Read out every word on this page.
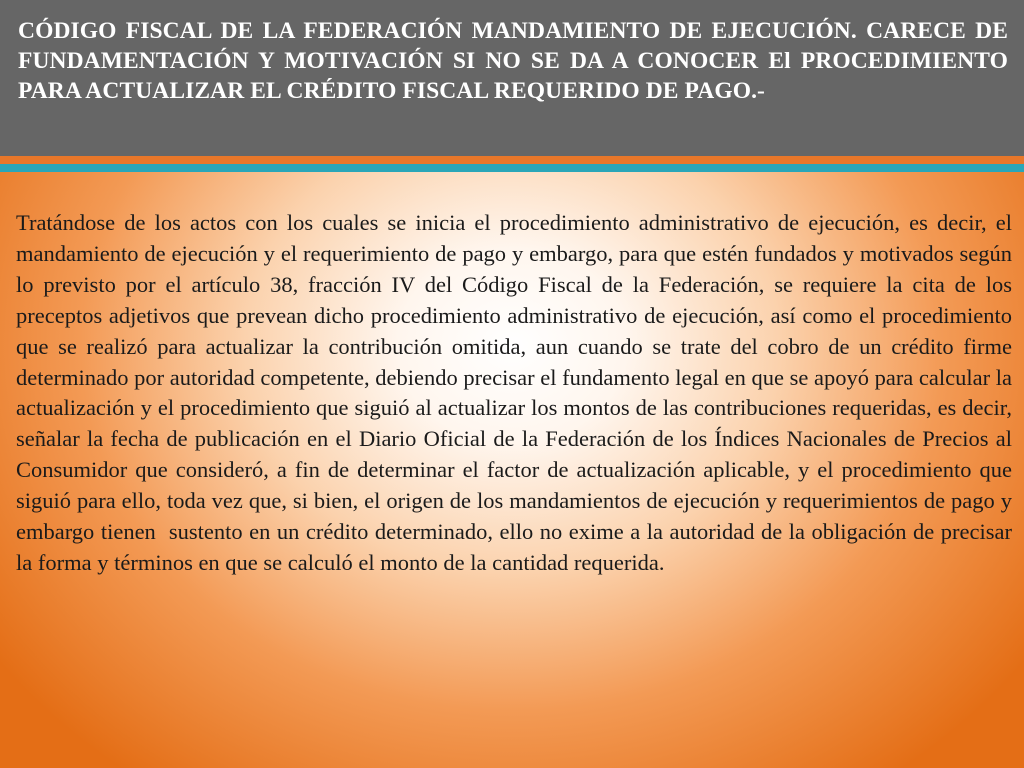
CÓDIGO FISCAL DE LA FEDERACIÓN MANDAMIENTO DE EJECUCIÓN. CARECE DE FUNDAMENTACIÓN Y MOTIVACIÓN SI NO SE DA A CONOCER El PROCEDIMIENTO PARA ACTUALIZAR EL CRÉDITO FISCAL REQUERIDO DE PAGO.-

Tratándose de los actos con los cuales se inicia el procedimiento administrativo de ejecución, es decir, el mandamiento de ejecución y el requerimiento de pago y embargo, para que estén fundados y motivados según lo previsto por el artículo 38, fracción IV del Código Fiscal de la Federación, se requiere la cita de los preceptos adjetivos que prevean dicho procedimiento administrativo de ejecución, así como el procedimiento que se realizó para actualizar la contribución omitida, aun cuando se trate del cobro de un crédito firme determinado por autoridad competente, debiendo precisar el fundamento legal en que se apoyó para calcular la actualización y el procedimiento que siguió al actualizar los montos de las contribuciones requeridas, es decir, señalar la fecha de publicación en el Diario Oficial de la Federación de los Índices Nacionales de Precios al Consumidor que consideró, a fin de determinar el factor de actualización aplicable, y el procedimiento que siguió para ello, toda vez que, si bien, el origen de los mandamientos de ejecución y requerimientos de pago y embargo tienen  sustento en un crédito determinado, ello no exime a la autoridad de la obligación de precisar la forma y términos en que se calculó el monto de la cantidad requerida.
